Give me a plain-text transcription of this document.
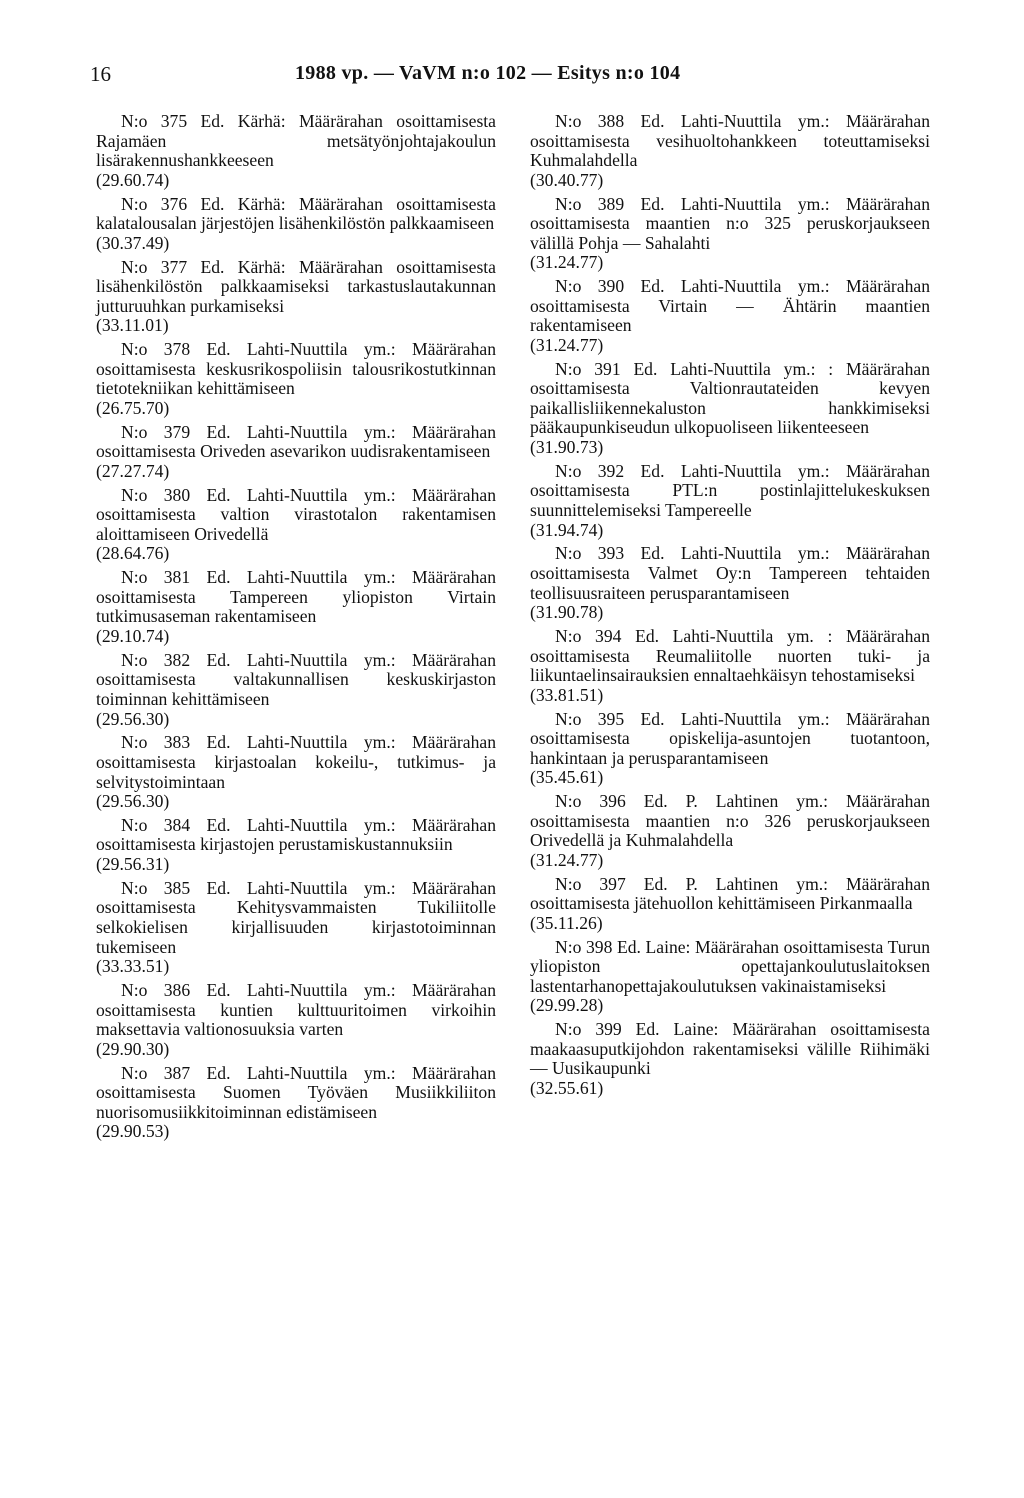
16	1988 vp. — VaVM n:o 102 — Esitys n:o 104

N:o 375 Ed. Kärhä: Määrärahan osoittamisesta Rajamäen metsätyönjohtajakoulun lisärakennushankkeeseen

(29.60.74)

N:o 376 Ed. Kärhä: Määrärahan osoittamisesta kalatalousalan järjestöjen lisähenkilöstön palkkaamiseen

(30.37.49)

N:o 377 Ed. Kärhä: Määrärahan osoittamisesta lisähenkilöstön palkkaamiseksi tarkastuslautakunnan jutturuuhkan purkamiseksi

(33.11.01)

N:o 378 Ed. Lahti-Nuuttila ym.: Määrärahan osoittamisesta keskusrikospoliisin talousrikostutkinnan tietotekniikan kehittämiseen

(26.75.70)

N:o 379 Ed. Lahti-Nuuttila ym.: Määrärahan osoittamisesta Oriveden asevarikon uudisrakentamiseen

(27.27.74)

N:o 380 Ed. Lahti-Nuuttila ym.: Määrärahan osoittamisesta valtion virastotalon rakentamisen aloittamiseen Orivedellä

(28.64.76)

N:o 381 Ed. Lahti-Nuuttila ym.: Määrärahan osoittamisesta Tampereen yliopiston Virtain tutkimusaseman rakentamiseen

(29.10.74)

N:o 382 Ed. Lahti-Nuuttila ym.: Määrärahan osoittamisesta valtakunnallisen keskuskirjaston toiminnan kehittämiseen

(29.56.30)

N:o 383 Ed. Lahti-Nuuttila ym.: Määrärahan osoittamisesta kirjastoalan kokeilu-, tutkimus- ja selvitystoimintaan

(29.56.30)

N:o 384 Ed. Lahti-Nuuttila ym.: Määrärahan osoittamisesta kirjastojen perustamiskustannuksiin

(29.56.31)

N:o 385 Ed. Lahti-Nuuttila ym.: Määrärahan osoittamisesta Kehitysvammaisten Tukiliitolle selkokielisen kirjallisuuden kirjastotoiminnan tukemiseen

(33.33.51)

N:o 386 Ed. Lahti-Nuuttila ym.: Määrärahan osoittamisesta kuntien kulttuuritoimen virkoihin maksettavia valtionosuuksia varten

(29.90.30)

N:o 387 Ed. Lahti-Nuuttila ym.: Määrärahan osoittamisesta Suomen Työväen Musiikkiliiton nuorisomusiikkitoiminnan edistämiseen

(29.90.53)

N:o 388 Ed. Lahti-Nuuttila ym.: Määrärahan osoittamisesta vesihuoltohankkeen toteuttamiseksi Kuhmalahdella

(30.40.77)

N:o 389 Ed. Lahti-Nuuttila ym.: Määrärahan osoittamisesta maantien n:o 325 peruskorjaukseen välillä Pohja — Sahalahti

(31.24.77)

N:o 390 Ed. Lahti-Nuuttila ym.: Määrärahan osoittamisesta Virtain — Ähtärin maantien rakentamiseen

(31.24.77)

N:o 391 Ed. Lahti-Nuuttila ym.: : Määrärahan osoittamisesta Valtionrautateiden kevyen paikallisliikennekaluston hankkimiseksi pääkaupunkiseudun ulkopuoliseen liikenteeseen

(31.90.73)

N:o 392 Ed. Lahti-Nuuttila ym.: Määrärahan osoittamisesta PTL:n postinlajittelukeskuksen suunnittelemiseksi Tampereelle

(31.94.74)

N:o 393 Ed. Lahti-Nuuttila ym.: Määrärahan osoittamisesta Valmet Oy:n Tampereen tehtaiden teollisuusraiteen perusparantamiseen

(31.90.78)

N:o 394 Ed. Lahti-Nuuttila ym. : Määrärahan osoittamisesta Reumaliitolle nuorten tuki- ja liikuntaelinsairauksien ennaltaehkäisyn tehostamiseksi

(33.81.51)

N:o 395 Ed. Lahti-Nuuttila ym.: Määrärahan osoittamisesta opiskelija-asuntojen tuotantoon, hankintaan ja perusparantamiseen

(35.45.61)

N:o 396 Ed. P. Lahtinen ym.: Määrärahan osoittamisesta maantien n:o 326 peruskorjaukseen Orivedellä ja Kuhmalahdella

(31.24.77)

N:o 397 Ed. P. Lahtinen ym.: Määrärahan osoittamisesta jätehuollon kehittämiseen Pirkanmaalla

(35.11.26)

N:o 398 Ed. Laine: Määrärahan osoittamisesta Turun yliopiston opettajankoulutuslaitoksen lastentarhanopettajakoulutuksen vakinaistamiseksi

(29.99.28)

N:o 399 Ed. Laine: Määrärahan osoittamisesta maakaasuputkijohdon rakentamiseksi välille Riihimäki — Uusikaupunki

(32.55.61)
